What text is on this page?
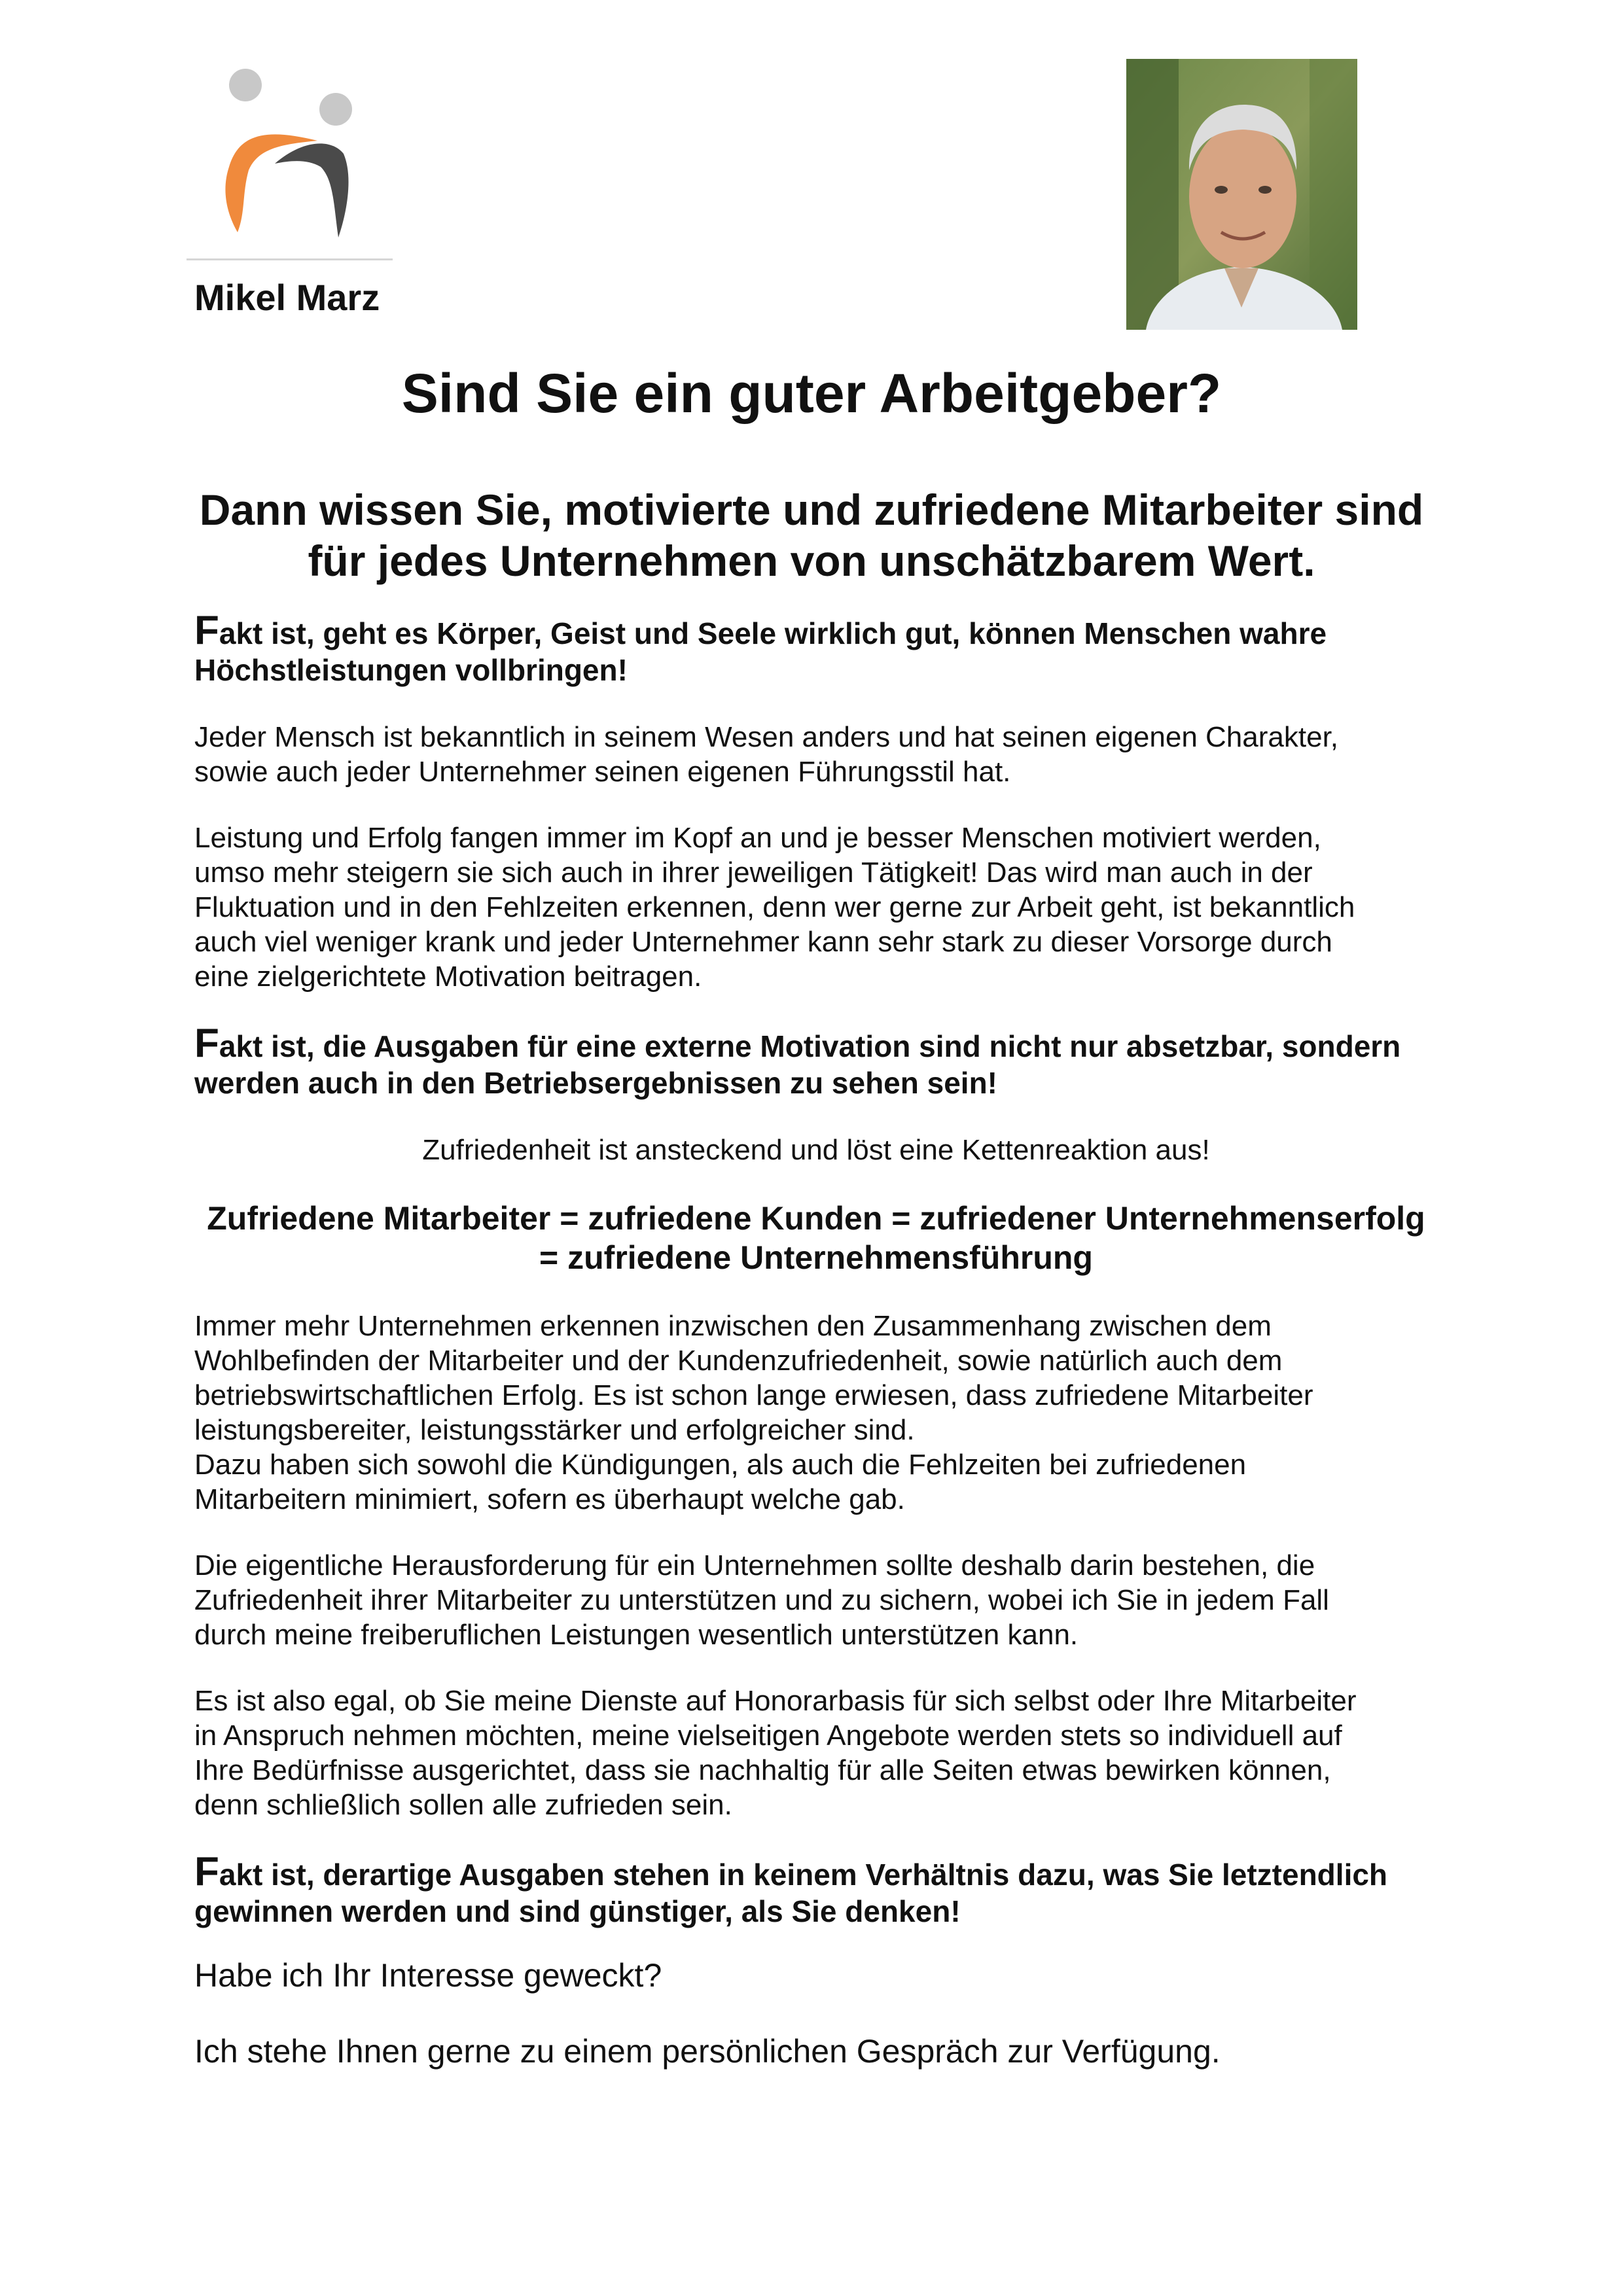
Mikel Marz
Sind Sie ein guter Arbeitgeber?
Dann wissen Sie, motivierte und zufriedene Mitarbeiter sind
für jedes Unternehmen von unschätzbarem Wert.

Fakt ist, geht es Körper, Geist und Seele wirklich gut, können Menschen wahre Höchstleistungen vollbringen!

Jeder Mensch ist bekanntlich in seinem Wesen anders und hat seinen eigenen Charakter,

sowie auch jeder Unternehmer seinen eigenen Führungsstil hat.

Leistung und Erfolg fangen immer im Kopf an und je besser Menschen motiviert werden,

umso mehr steigern sie sich auch in ihrer jeweiligen Tätigkeit! Das wird man auch in der

Fluktuation und in den Fehlzeiten erkennen, denn wer gerne zur Arbeit geht, ist bekanntlich

auch viel weniger krank und jeder Unternehmer kann sehr stark zu dieser Vorsorge durch

eine zielgerichtete Motivation beitragen.

Fakt ist, die Ausgaben für eine externe Motivation sind nicht nur absetzbar, sondern werden auch in den Betriebsergebnissen zu sehen sein!

Zufriedenheit ist ansteckend und löst eine Kettenreaktion aus!

Zufriedene Mitarbeiter = zufriedene Kunden = zufriedener Unternehmenserfolg

= zufriedene Unternehmensführung

Immer mehr Unternehmen erkennen inzwischen den Zusammenhang zwischen dem

Wohlbefinden der Mitarbeiter und der Kundenzufriedenheit, sowie natürlich auch dem

betriebswirtschaftlichen Erfolg. Es ist schon lange erwiesen, dass zufriedene Mitarbeiter

leistungsbereiter, leistungsstärker und erfolgreicher sind.

Dazu haben sich sowohl die Kündigungen, als auch die Fehlzeiten bei zufriedenen

Mitarbeitern minimiert, sofern es überhaupt welche gab.

Die eigentliche Herausforderung für ein Unternehmen sollte deshalb darin bestehen, die

Zufriedenheit ihrer Mitarbeiter zu unterstützen und zu sichern, wobei ich Sie in jedem Fall

durch meine freiberuflichen Leistungen wesentlich unterstützen kann.

Es ist also egal, ob Sie meine Dienste auf Honorarbasis für sich selbst oder Ihre Mitarbeiter

in Anspruch nehmen möchten, meine vielseitigen Angebote werden stets so individuell auf

Ihre Bedürfnisse ausgerichtet, dass sie nachhaltig für alle Seiten etwas bewirken können,

denn schließlich sollen alle zufrieden sein.

Fakt ist, derartige Ausgaben stehen in keinem Verhältnis dazu, was Sie letztendlich gewinnen werden und sind günstiger, als Sie denken!

Habe ich Ihr Interesse geweckt?

Ich stehe Ihnen gerne zu einem persönlichen Gespräch zur Verfügung.
